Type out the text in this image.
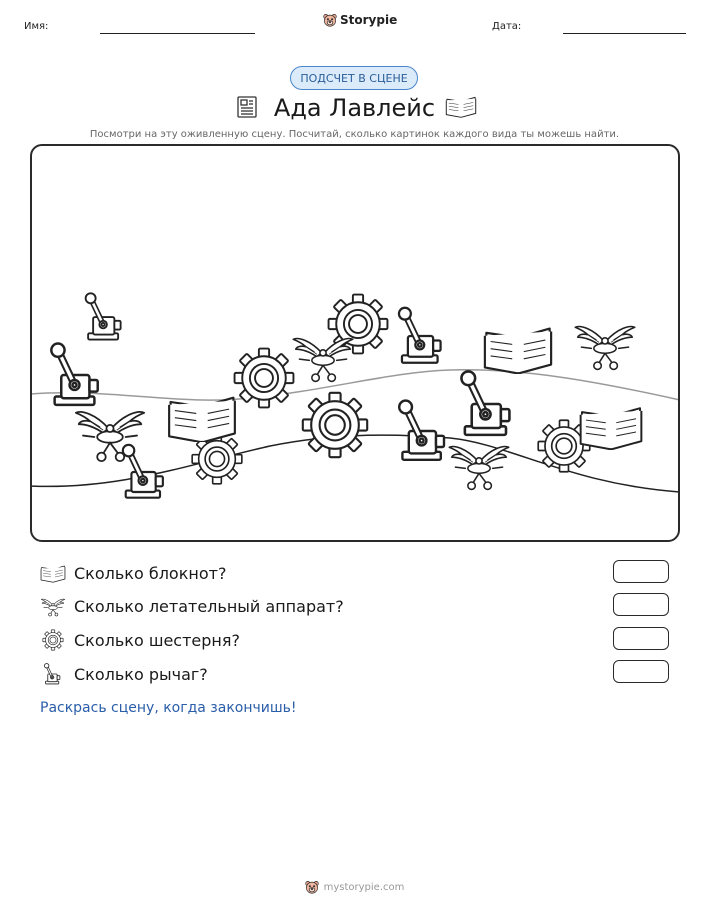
Имя:	Storypie	Дата:
ПОДСЧЕТ В СЦЕНЕ
Ада Лавлейс
Посмотри на эту оживленную сцену. Посчитай, сколько картинок каждого вида ты можешь найти.
Сколько блокнот?
Сколько летательный аппарат?
Сколько шестерня?
Сколько рычаг?
Раскрась сцену, когда закончишь!
mystorypie.com
